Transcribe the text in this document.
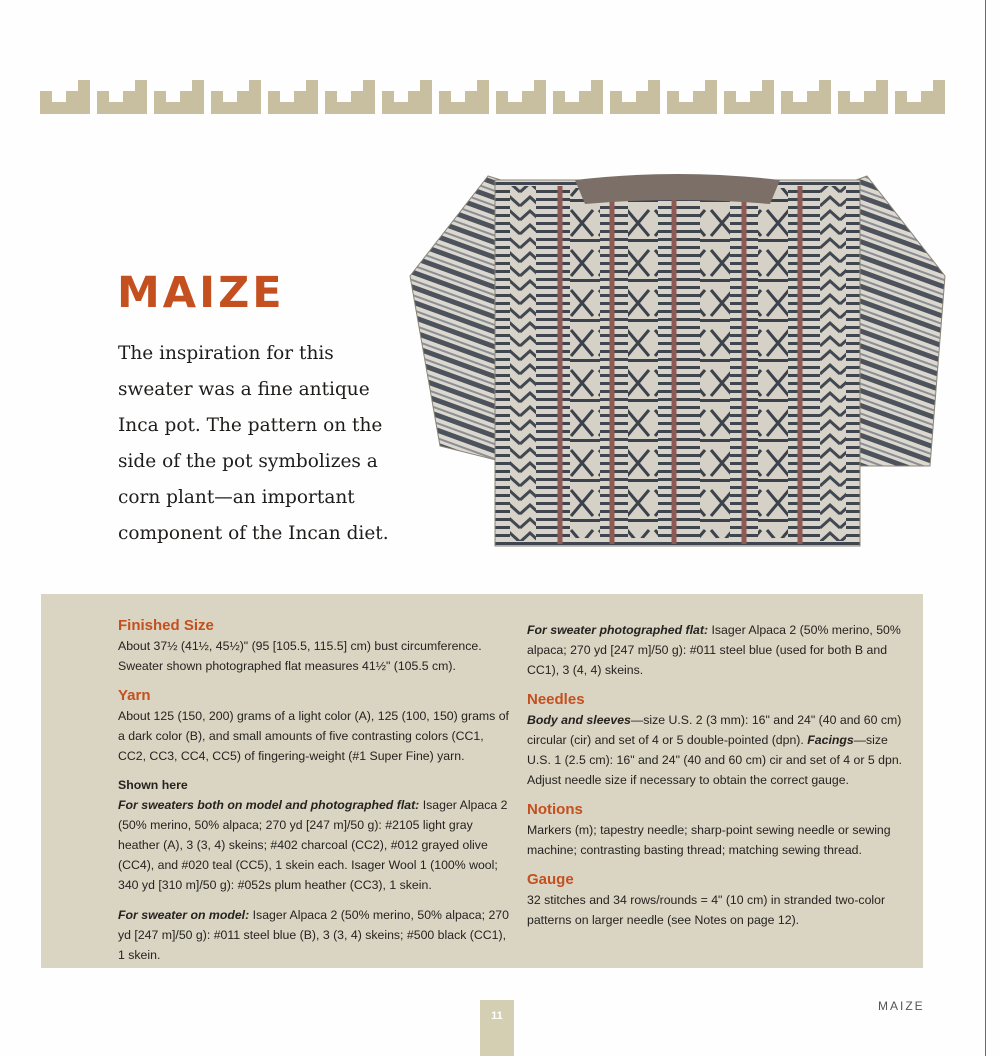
MAIZE

The inspiration for this sweater was a fine antique Inca pot. The pattern on the side of the pot symbolizes a corn plant—an important component of the Incan diet.

Finished Size

About 37½ (41½, 45½)" (95 [105.5, 115.5] cm) bust circumference. Sweater shown photographed flat measures 41½" (105.5 cm).

Yarn

About 125 (150, 200) grams of a light color (A), 125 (100, 150) grams of a dark color (B), and small amounts of five contrasting colors (CC1, CC2, CC3, CC4, CC5) of fingering-weight (#1 Super Fine) yarn.

Shown here

For sweaters both on model and photographed flat: Isager Alpaca 2 (50% merino, 50% alpaca; 270 yd [247 m]/50 g): #2105 light gray heather (A), 3 (3, 4) skeins; #402 charcoal (CC2), #012 grayed olive (CC4), and #020 teal (CC5), 1 skein each. Isager Wool 1 (100% wool; 340 yd [310 m]/50 g): #052s plum heather (CC3), 1 skein.

For sweater on model: Isager Alpaca 2 (50% merino, 50% alpaca; 270 yd [247 m]/50 g): #011 steel blue (B), 3 (3, 4) skeins; #500 black (CC1), 1 skein.

For sweater photographed flat: Isager Alpaca 2 (50% merino, 50% alpaca; 270 yd [247 m]/50 g): #011 steel blue (used for both B and CC1), 3 (4, 4) skeins.

Needles

Body and sleeves—size U.S. 2 (3 mm): 16" and 24" (40 and 60 cm) circular (cir) and set of 4 or 5 double-pointed (dpn). Facings—size U.S. 1 (2.5 cm): 16" and 24" (40 and 60 cm) cir and set of 4 or 5 dpn. Adjust needle size if necessary to obtain the correct gauge.

Notions

Markers (m); tapestry needle; sharp-point sewing needle or sewing machine; contrasting basting thread; matching sewing thread.

Gauge

32 stitches and 34 rows/rounds = 4" (10 cm) in stranded two-color patterns on larger needle (see Notes on page 12).

11
MAIZE
